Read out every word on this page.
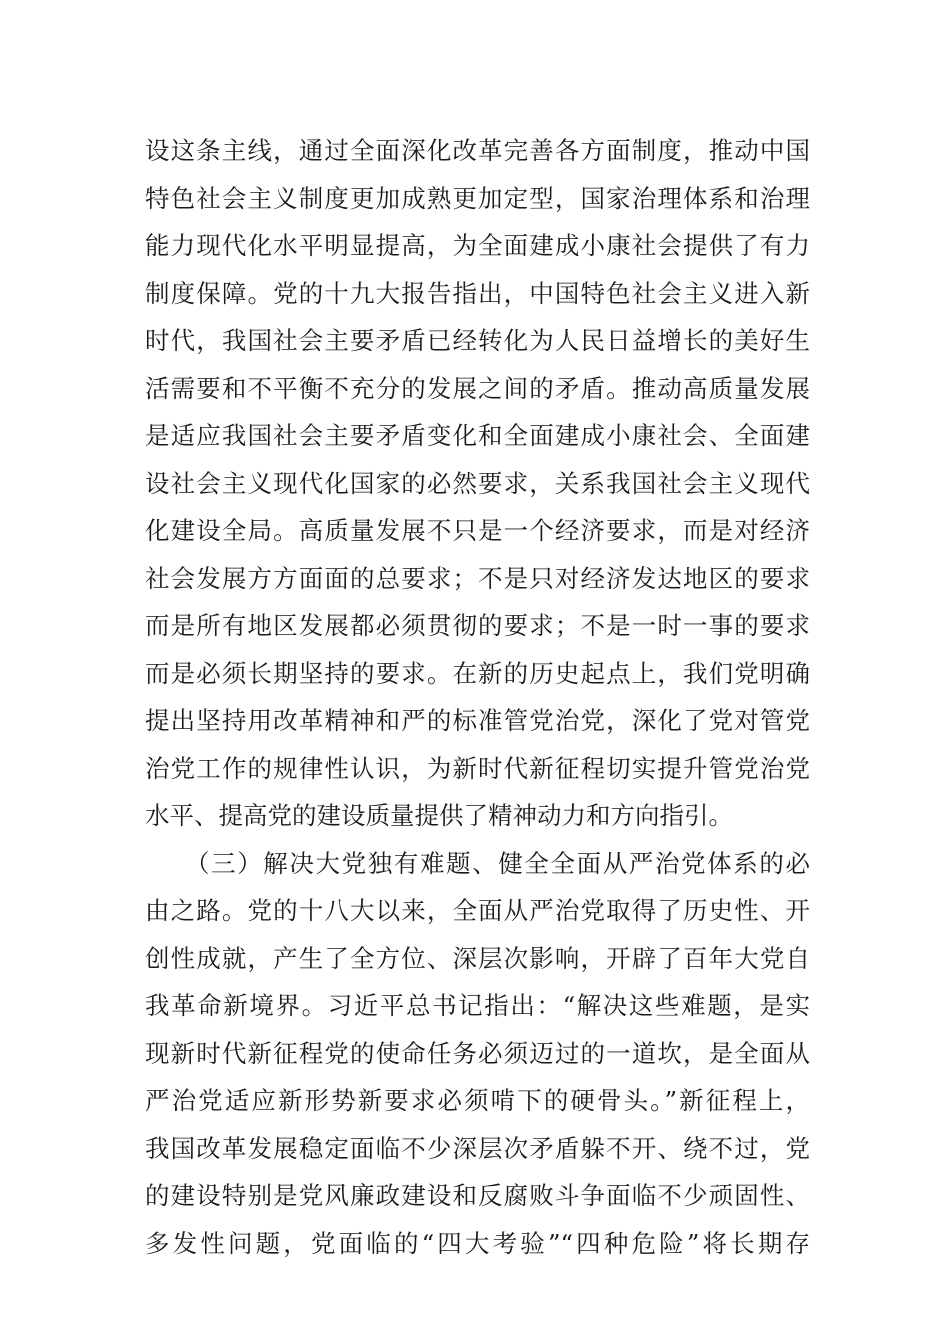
设这条主线，通过全面深化改革完善各方面制度，推动中国
特色社会主义制度更加成熟更加定型，国家治理体系和治理
能力现代化水平明显提高，为全面建成小康社会提供了有力
制度保障。党的十九大报告指出，中国特色社会主义进入新
时代，我国社会主要矛盾已经转化为人民日益增长的美好生
活需要和不平衡不充分的发展之间的矛盾。推动高质量发展
是适应我国社会主要矛盾变化和全面建成小康社会、全面建
设社会主义现代化国家的必然要求，关系我国社会主义现代
化建设全局。高质量发展不只是一个经济要求，而是对经济
社会发展方方面面的总要求；不是只对经济发达地区的要求
而是所有地区发展都必须贯彻的要求；不是一时一事的要求
而是必须长期坚持的要求。在新的历史起点上，我们党明确
提出坚持用改革精神和严的标准管党治党，深化了党对管党
治党工作的规律性认识，为新时代新征程切实提升管党治党
水平、提高党的建设质量提供了精神动力和方向指引。
　　（三）解决大党独有难题、健全全面从严治党体系的必
由之路。党的十八大以来，全面从严治党取得了历史性、开
创性成就，产生了全方位、深层次影响，开辟了百年大党自
我革命新境界。习近平总书记指出：“解决这些难题，是实
现新时代新征程党的使命任务必须迈过的一道坎，是全面从
严治党适应新形势新要求必须啃下的硬骨头。”新征程上，
我国改革发展稳定面临不少深层次矛盾躲不开、绕不过，党
的建设特别是党风廉政建设和反腐败斗争面临不少顽固性、
多发性问题，党面临的“四大考验”“四种危险”将长期存
